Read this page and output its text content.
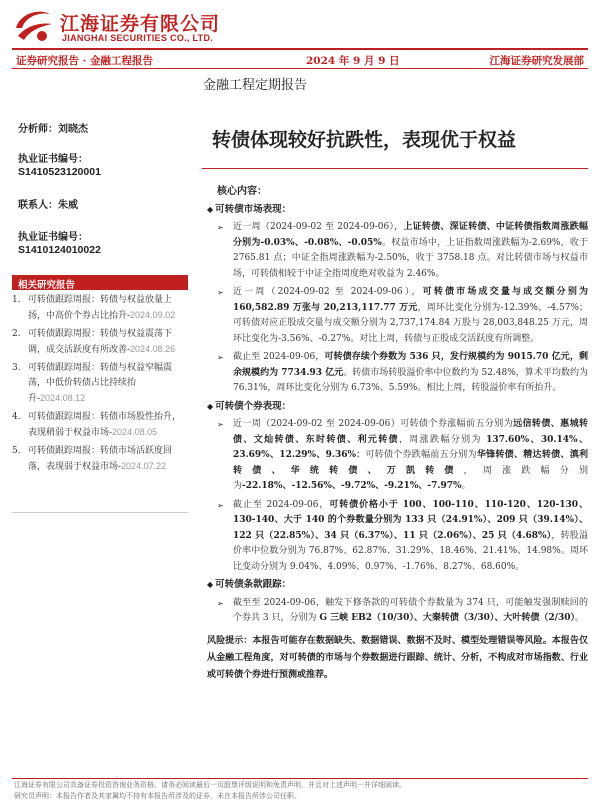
江海证券有限公司
JIANGHAI SECURITIES CO., LTD.
证券研究报告 · 金融工程报告	2024 年 9 月 9 日	江海证券研究发展部
金融工程定期报告
分析师：刘晓杰
执业证书编号：
S1410523120001
联系人：朱威
执业证书编号：
S1410124010022
相关研究报告
1. 可转债跟踪周报：转债与权益放量上扬，中高价个券占比抬升-2024.09.02
2. 可转债跟踪周报：转债与权益震荡下调，成交活跃度有所改善-2024.08.26
3. 可转债跟踪周报：转债与权益窄幅震荡，中低价转债占比持续抬升-2024.08.12
4. 可转债跟踪周报：转债市场股性抬升，表现稍弱于权益市场-2024.08.05
5. 可转债跟踪周报：转债市场活跃度回落，表现弱于权益市场-2024.07.22
转债体现较好抗跌性，表现优于权益
核心内容：
◆ 可转债市场表现：
➢ 近一周（2024-09-02 至 2024-09-06），上证转债、深证转债、中证转债指数周涨跌幅分别为-0.03%、-0.08%、-0.05%。权益市场中，上证指数周涨跌幅为-2.69%，收于 2765.81 点；中证全指周涨跌幅为-2.50%，收于 3758.18 点。对比转债市场与权益市场，可转债相较于中证全指周度绝对收益为 2.46%。
➢ 近一周（2024-09-02 至 2024-09-06），可转债市场成交量与成交额分别为 160,582.89 万张与 20,213,117.77 万元，周环比变化分别为-12.39%、-4.57%；可转债对应正股成交量与成交额分别为 2,737,174.84 万股与 28,003,848.25 万元，周环比变化为-3.56%、-0.27%。对比上周，转债与正股成交活跃度有所调整。
➢ 截止至 2024-09-06，可转债存续个券数为 536 只，发行规模约为 9015.70 亿元，剩余规模约为 7734.93 亿元。转债市场转股溢价率中位数约为 52.48%，算术平均数约为 76.31%，周环比变化分别为 6.73%、5.59%。相比上周，转股溢价率有所抬升。
◆ 可转债个券表现：
➢ 近一周（2024-09-02 至 2024-09-06）可转债个券涨幅前五分别为远信转债、惠城转债、文灿转债、东时转债、利元转债，周涨跌幅分别为 137.60%、30.14%、23.69%、12.29%、9.36%；可转债个券跌幅前五分别为华锋转债、精达转债、滇利转债、华统转债、万凯转债，周涨跌幅分别为-22.18%、-12.56%、-9.72%、-9.21%、-7.97%。
➢ 截止至 2024-09-06，可转债价格小于 100、100-110、110-120、120-130、130-140、大于 140 的个券数量分别为 133 只（24.91%）、209 只（39.14%）、122 只（22.85%）、34 只（6.37%）、11 只（2.06%）、25 只（4.68%），转股溢价率中位数分别为 76.87%、62.87%、31.29%、18.46%、21.41%、14.98%。周环比变动分别为 9.04%、4.09%、0.97%、-1.76%、8.27%、68.60%。
◆ 可转债条款跟踪：
➢ 截至至 2024-09-06，触发下修条款的可转债个券数量为 374 只，可能触发强制赎回的个券共 3 只，分别为 G 三峡 EB2（10/30）、大秦转债（3/30）、大叶转债（2/30）。
风险提示：本报告可能存在数据缺失、数据错误、数据不及时、模型处理错误等风险。本报告仅从金融工程角度，对可转债的市场与个券数据进行跟踪、统计、分析，不构成对市场指数、行业或可转债个券进行预测或推荐。
江海证券有限公司具备证券投资咨询业务资格。请务必阅读最后一页股票评级说明和免责声明，并且对上述声明一并详细阅读。
研究员声明：本报告作者及其家属均不持有本报告所涉及的证券，未在本报告所涉公司任职。
